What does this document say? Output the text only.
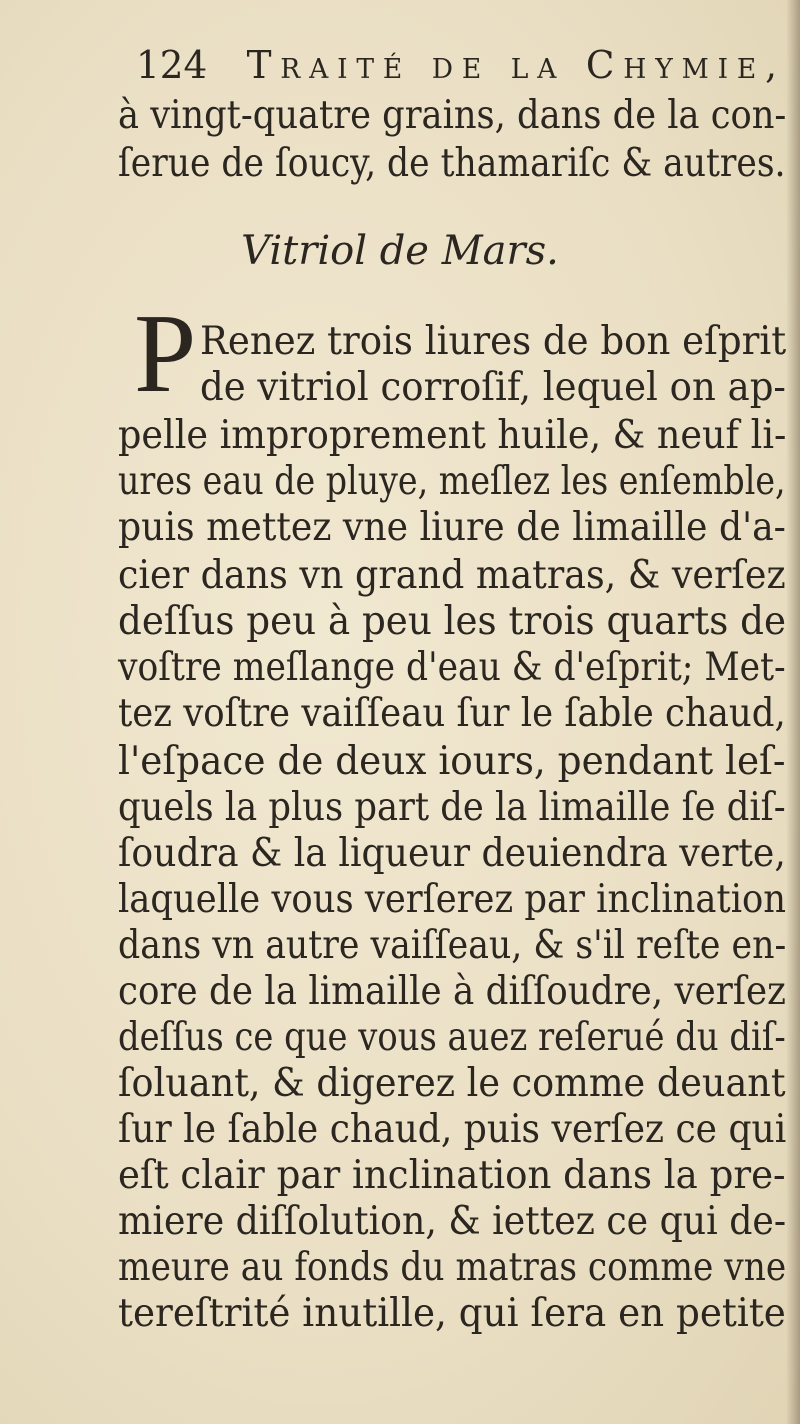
124 Traité de la Chymie,
à vingt-quatre grains, dans de la con-
ſerue de ſoucy, de thamariſc & autres.
Vitriol de Mars.
P Renez trois liures de bon eſprit
de vitriol corroſif, lequel on ap-
pelle improprement huile, & neuf li-
ures eau de pluye, meſlez les enſemble,
puis mettez vne liure de limaille d'a-
cier dans vn grand matras, & verſez
deſſus peu à peu les trois quarts de
voſtre meſlange d'eau & d'eſprit; Met-
tez voſtre vaiſſeau ſur le ſable chaud,
l'eſpace de deux iours, pendant leſ-
quels la plus part de la limaille ſe diſ-
ſoudra & la liqueur deuiendra verte,
laquelle vous verſerez par inclination
dans vn autre vaiſſeau, & s'il reſte en-
core de la limaille à diſſoudre, verſez
deſſus ce que vous auez reſerué du diſ-
ſoluant, & digerez le comme deuant
ſur le ſable chaud, puis verſez ce qui
eſt clair par inclination dans la pre-
miere diſſolution, & iettez ce qui de-
meure au fonds du matras comme vne
tereſtrité inutille, qui ſera en petite
